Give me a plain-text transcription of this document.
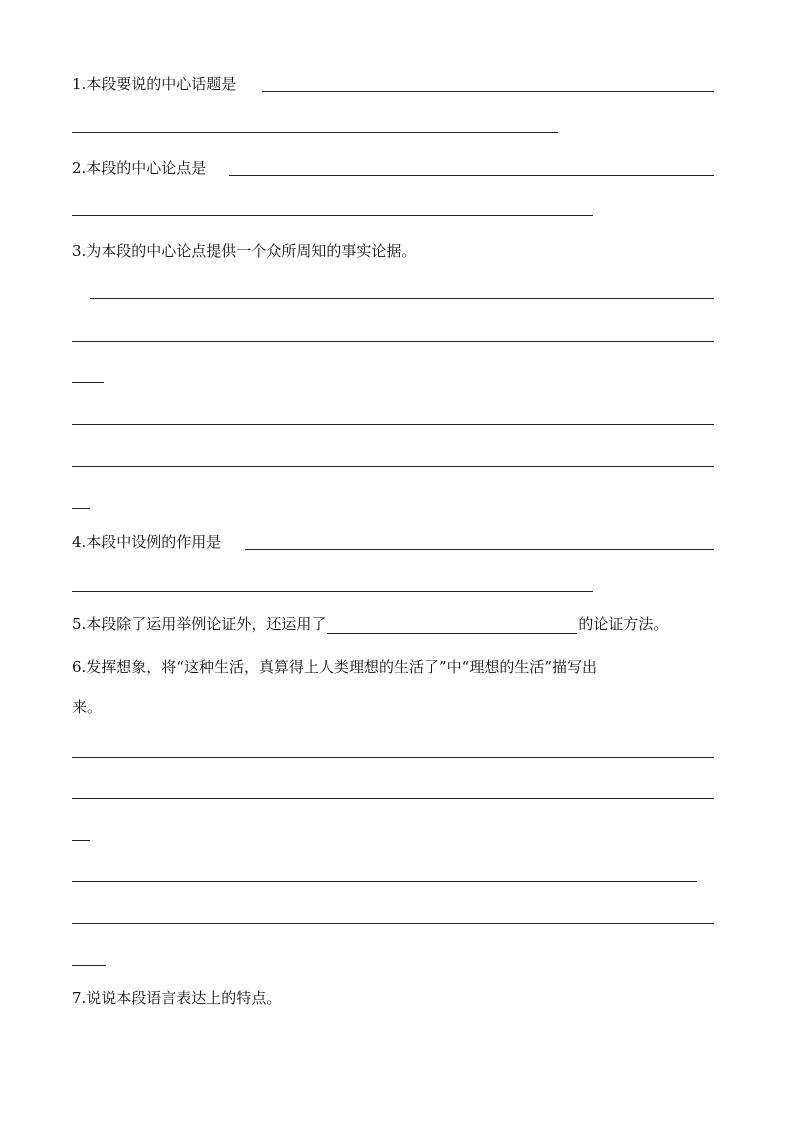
1.本段要说的中心话题是
2.本段的中心论点是
3.为本段的中心论点提供一个众所周知的事实论据。
4.本段中设例的作用是
5.本段除了运用举例论证外，还运用了	的论证方法。
6.发挥想象，将“这种生活，真算得上人类理想的生活了”中“理想的生活”描写出
来。
7.说说本段语言表达上的特点。
